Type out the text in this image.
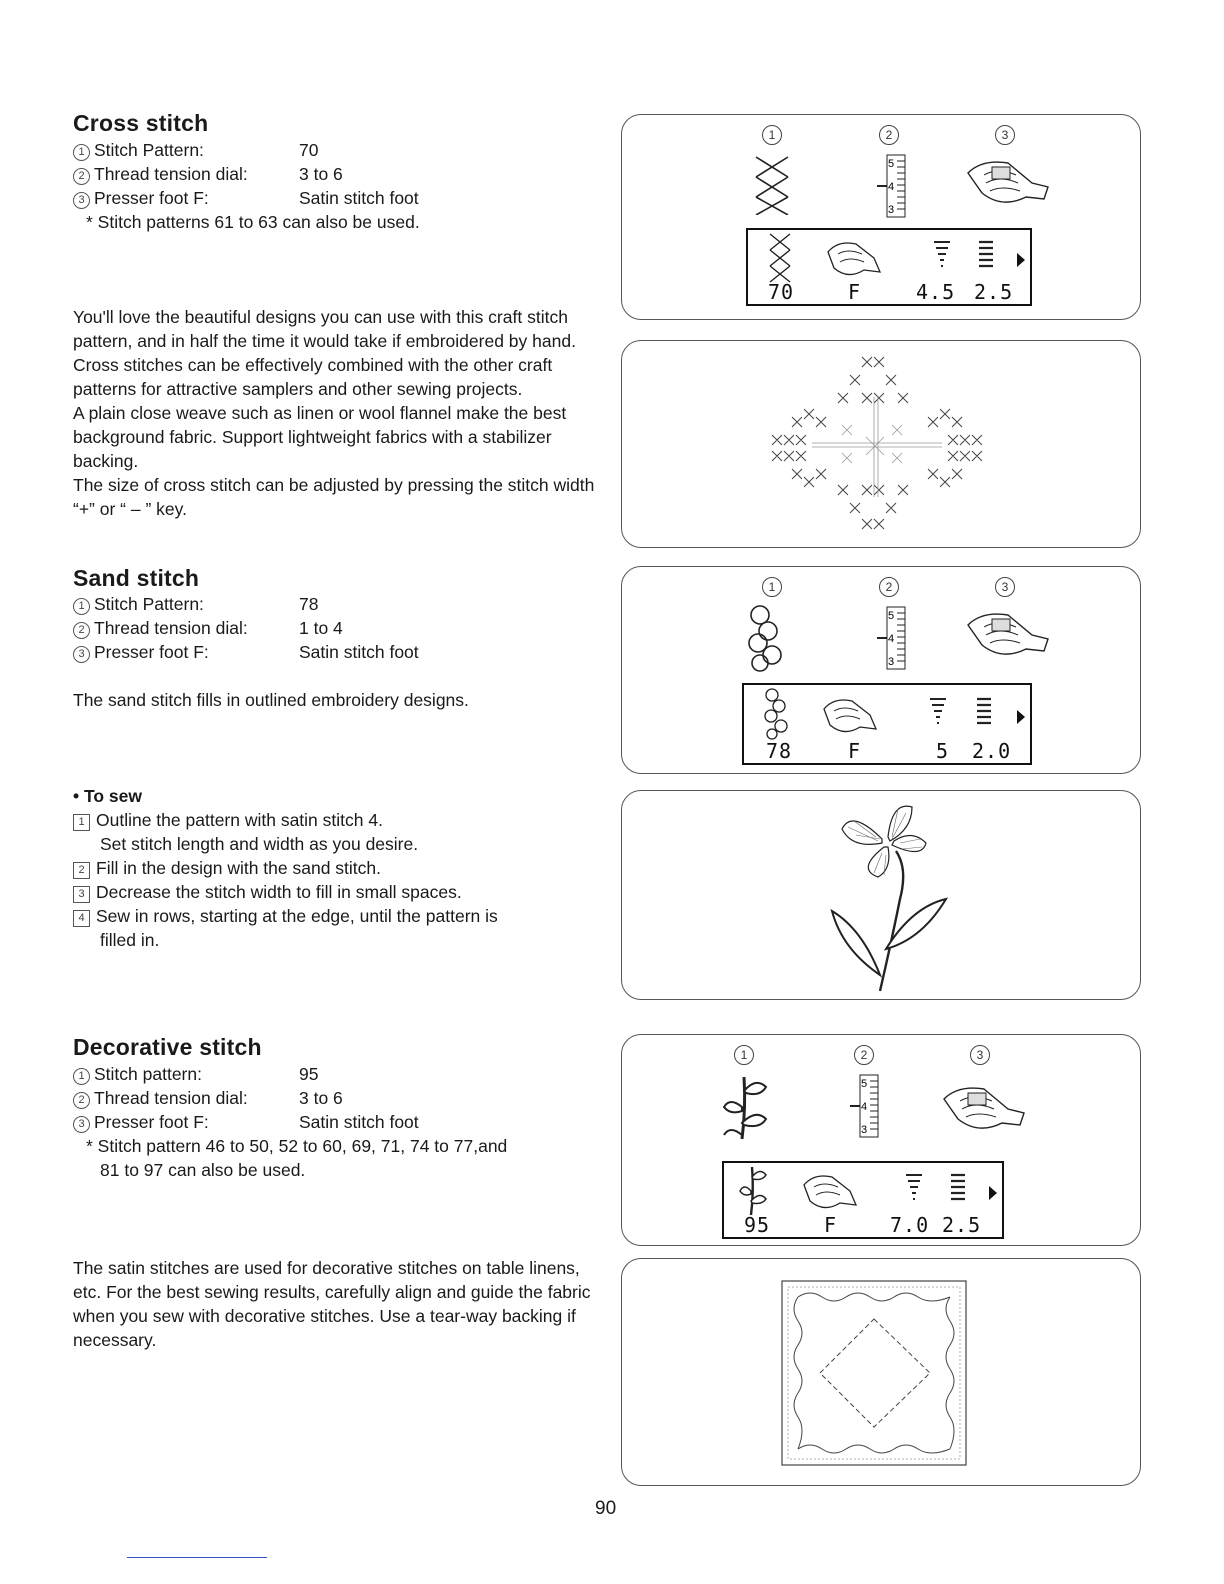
Cross stitch
1 Stitch Pattern:	70
2 Thread tension dial:	3 to 6
3 Presser foot F:	Satin stitch foot
* Stitch patterns 61 to 63 can also be used.
You'll love the beautiful designs you can use with this craft stitch pattern, and in half the time it would take if embroidered by hand. Cross stitches can be effectively combined with the other craft patterns for attractive samplers and other sewing projects.
A plain close weave such as linen or wool flannel make the best background fabric. Support lightweight fabrics with a stabilizer backing.
The size of cross stitch can be adjusted by pressing the stitch width “+” or “ – ” key.
Sand stitch
1 Stitch Pattern:	78
2 Thread tension dial:	1 to 4
3 Presser foot F:	Satin stitch foot
The sand stitch fills in outlined embroidery designs.
• To sew
1 Outline the pattern with satin stitch 4.
Set stitch length and width as you desire.
2 Fill in the design with the sand stitch.
3 Decrease the stitch width to fill in small spaces.
4 Sew in rows, starting at the edge, until the pattern is
filled in.
Decorative stitch
1 Stitch pattern:	95
2 Thread tension dial:	3 to 6
3 Presser foot F:	Satin stitch foot
* Stitch pattern 46 to 50, 52 to 60, 69, 71, 74 to 77,and
81 to 97 can also be used.
The satin stitches are used for decorative stitches on table linens, etc. For the best sewing results, carefully align and guide the fabric when you sew with decorative stitches. Use a tear-way backing if necessary.
1	2	3
5
4
3
70	F	4.5 2.5
1	2	3
5
4
3
78	F	5 2.0
1	2	3
5
4
3
95	F	7.0 2.5
90
